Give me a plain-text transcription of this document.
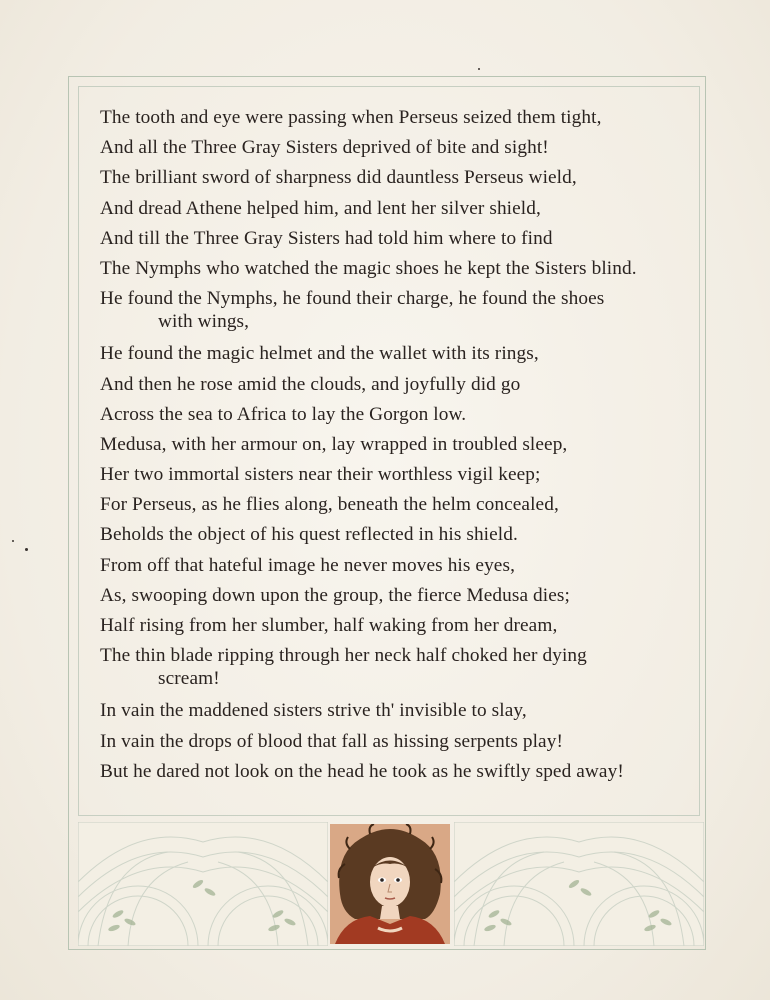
The tooth and eye were passing when Perseus seized them tight,
And all the Three Gray Sisters deprived of bite and sight!
The brilliant sword of sharpness did dauntless Perseus wield,
And dread Athene helped him, and lent her silver shield,
And till the Three Gray Sisters had told him where to find
The Nymphs who watched the magic shoes he kept the Sisters blind.
He found the Nymphs, he found their charge, he found the shoes
with wings,
He found the magic helmet and the wallet with its rings,
And then he rose amid the clouds, and joyfully did go
Across the sea to Africa to lay the Gorgon low.
Medusa, with her armour on, lay wrapped in troubled sleep,
Her two immortal sisters near their worthless vigil keep;
For Perseus, as he flies along, beneath the helm concealed,
Beholds the object of his quest reflected in his shield.
From off that hateful image he never moves his eyes,
As, swooping down upon the group, the fierce Medusa dies;
Half rising from her slumber, half waking from her dream,
The thin blade ripping through her neck half choked her dying
scream!
In vain the maddened sisters strive th' invisible to slay,
In vain the drops of blood that fall as hissing serpents play!
But he dared not look on the head he took as he swiftly sped away!
